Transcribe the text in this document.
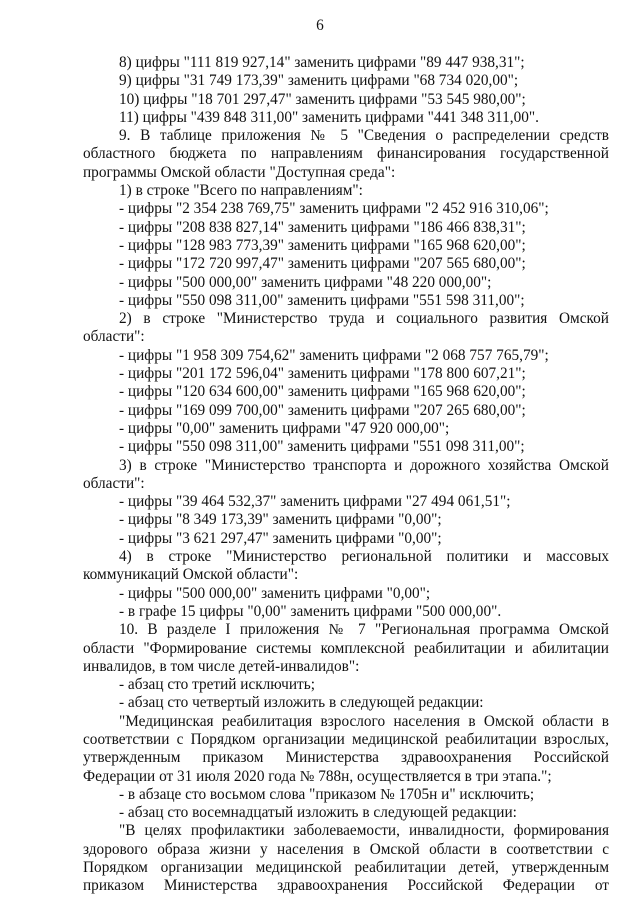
6
8) цифры "111 819 927,14" заменить цифрами "89 447 938,31";
9) цифры "31 749 173,39" заменить цифрами "68 734 020,00";
10) цифры "18 701 297,47" заменить цифрами "53 545 980,00";
11) цифры "439 848 311,00" заменить цифрами "441 348 311,00".
9. В таблице приложения № 5 "Сведения о распределении средств
областного бюджета по направлениям финансирования государственной
программы Омской области "Доступная среда":
1) в строке "Всего по направлениям":
- цифры "2 354 238 769,75" заменить цифрами "2 452 916 310,06";
- цифры "208 838 827,14" заменить цифрами "186 466 838,31";
- цифры "128 983 773,39" заменить цифрами "165 968 620,00";
- цифры "172 720 997,47" заменить цифрами "207 565 680,00";
- цифры "500 000,00" заменить цифрами "48 220 000,00";
- цифры "550 098 311,00" заменить цифрами "551 598 311,00";
2) в строке "Министерство труда и социального развития Омской
области":
- цифры "1 958 309 754,62" заменить цифрами "2 068 757 765,79";
- цифры "201 172 596,04" заменить цифрами "178 800 607,21";
- цифры "120 634 600,00" заменить цифрами "165 968 620,00";
- цифры "169 099 700,00" заменить цифрами "207 265 680,00";
- цифры "0,00" заменить цифрами "47 920 000,00";
- цифры "550 098 311,00" заменить цифрами "551 098 311,00";
3) в строке "Министерство транспорта и дорожного хозяйства Омской
области":
- цифры "39 464 532,37" заменить цифрами "27 494 061,51";
- цифры "8 349 173,39" заменить цифрами "0,00";
- цифры "3 621 297,47" заменить цифрами "0,00";
4) в строке "Министерство региональной политики и массовых
коммуникаций Омской области":
- цифры "500 000,00" заменить цифрами "0,00";
- в графе 15 цифры "0,00" заменить цифрами "500 000,00".
10. В разделе I приложения № 7 "Региональная программа Омской
области "Формирование системы комплексной реабилитации и абилитации
инвалидов, в том числе детей-инвалидов":
- абзац сто третий исключить;
- абзац сто четвертый изложить в следующей редакции:
"Медицинская реабилитация взрослого населения в Омской области в
соответствии с Порядком организации медицинской реабилитации взрослых,
утвержденным приказом Министерства здравоохранения Российской
Федерации от 31 июля 2020 года № 788н, осуществляется в три этапа.";
- в абзаце сто восьмом слова "приказом № 1705н и" исключить;
- абзац сто восемнадцатый изложить в следующей редакции:
"В целях профилактики заболеваемости, инвалидности, формирования
здорового образа жизни у населения в Омской области в соответствии с
Порядком организации медицинской реабилитации детей, утвержденным
приказом Министерства здравоохранения Российской Федерации от
